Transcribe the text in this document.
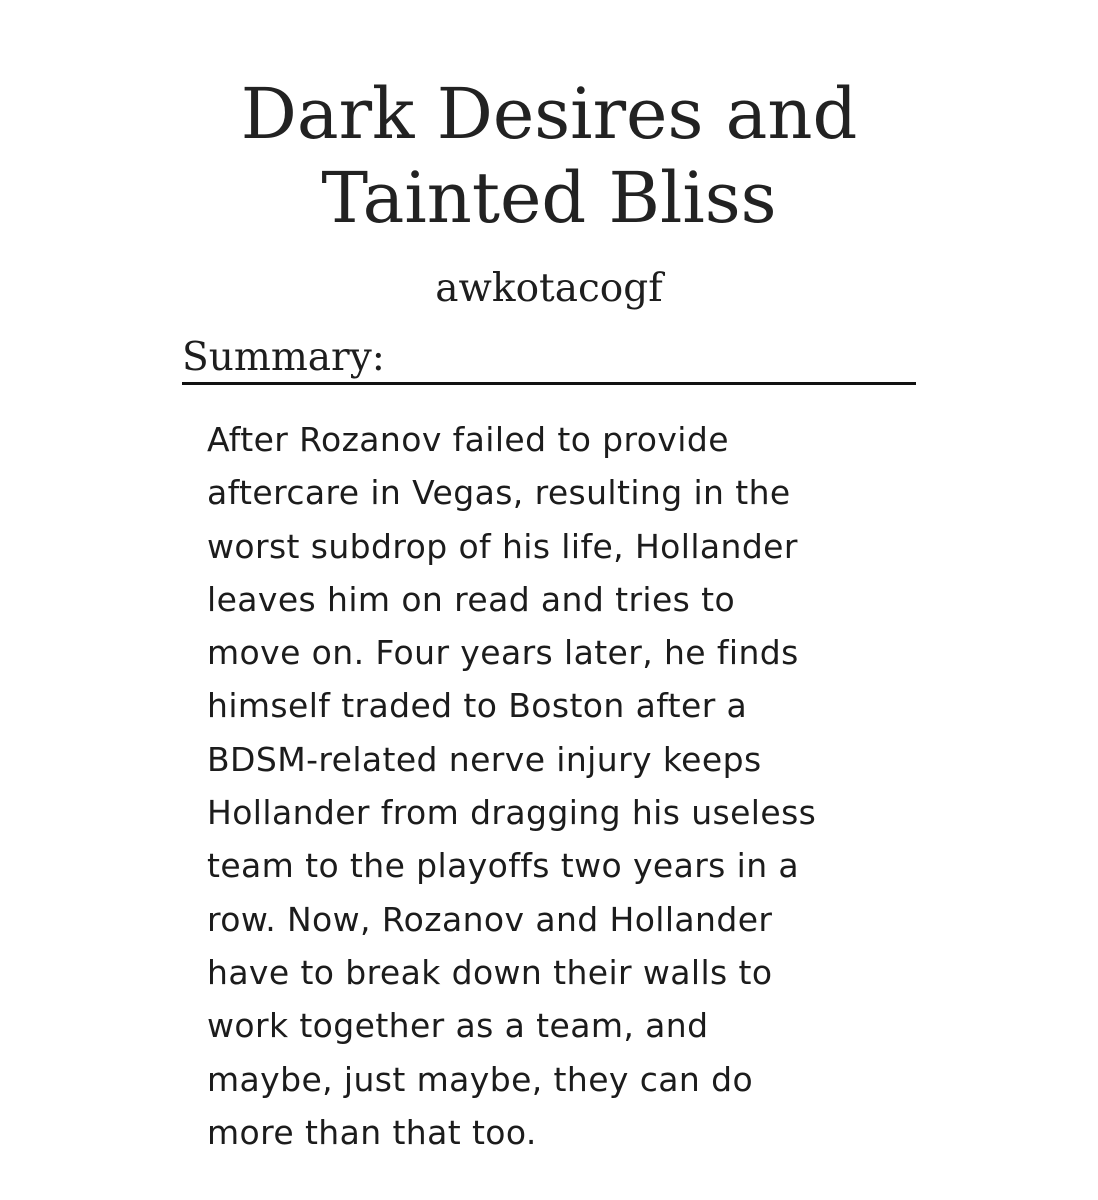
Dark Desires and
Tainted Bliss
awkotacogf
Summary:
After Rozanov failed to provide
aftercare in Vegas, resulting in the
worst subdrop of his life, Hollander
leaves him on read and tries to
move on. Four years later, he finds
himself traded to Boston after a
BDSM-related nerve injury keeps
Hollander from dragging his useless
team to the playoffs two years in a
row. Now, Rozanov and Hollander
have to break down their walls to
work together as a team, and
maybe, just maybe, they can do
more than that too.
